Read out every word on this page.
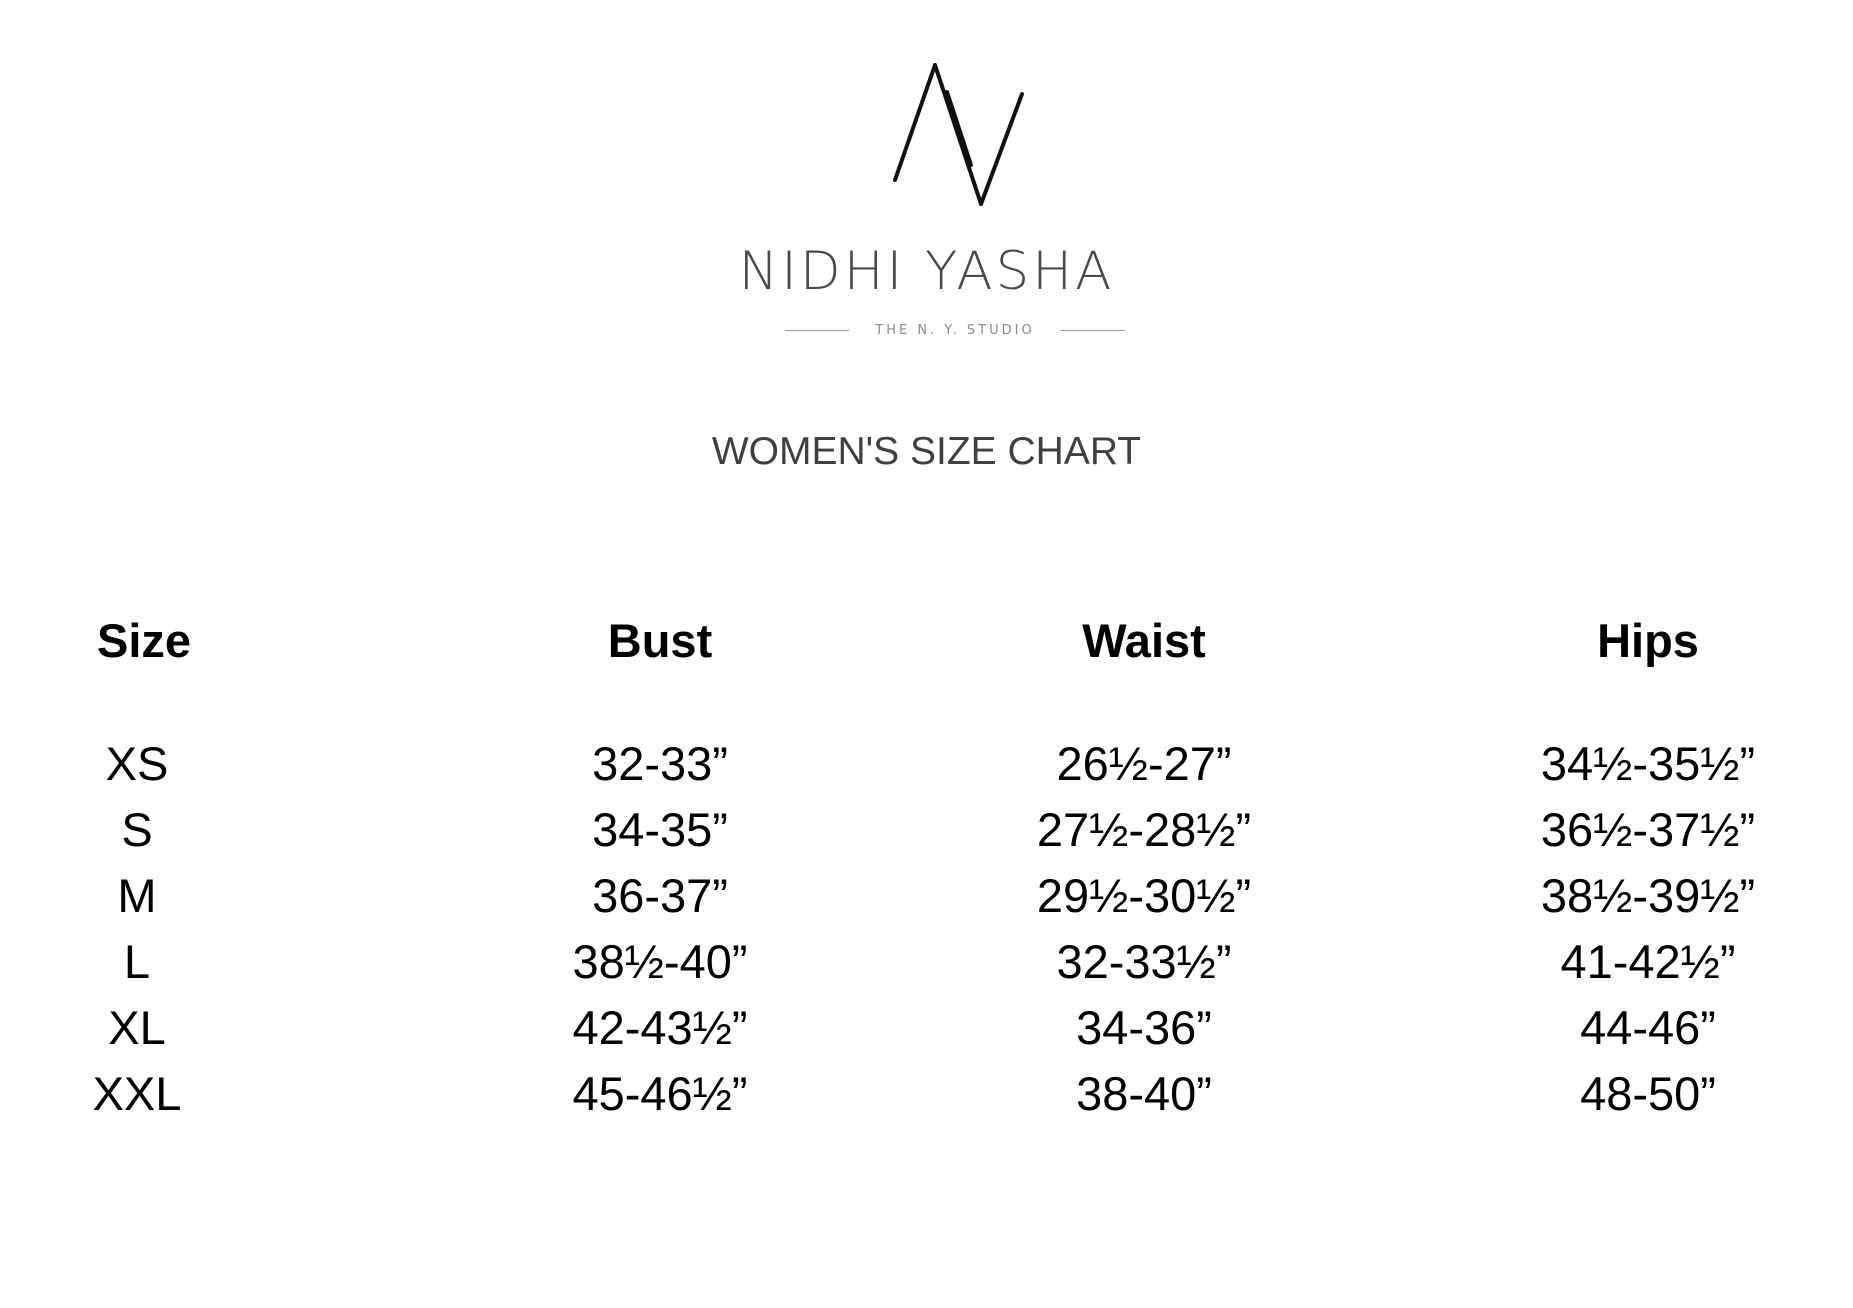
NIDHI YASHA
THE N. Y. STUDIO
WOMEN'S SIZE CHART
Size	Bust	Waist	Hips
XS	32-33”	26½-27”	34½-35½”
S	34-35”	27½-28½”	36½-37½”
M	36-37”	29½-30½”	38½-39½”
L	38½-40”	32-33½”	41-42½”
XL	42-43½”	34-36”	44-46”
XXL	45-46½”	38-40”	48-50”
